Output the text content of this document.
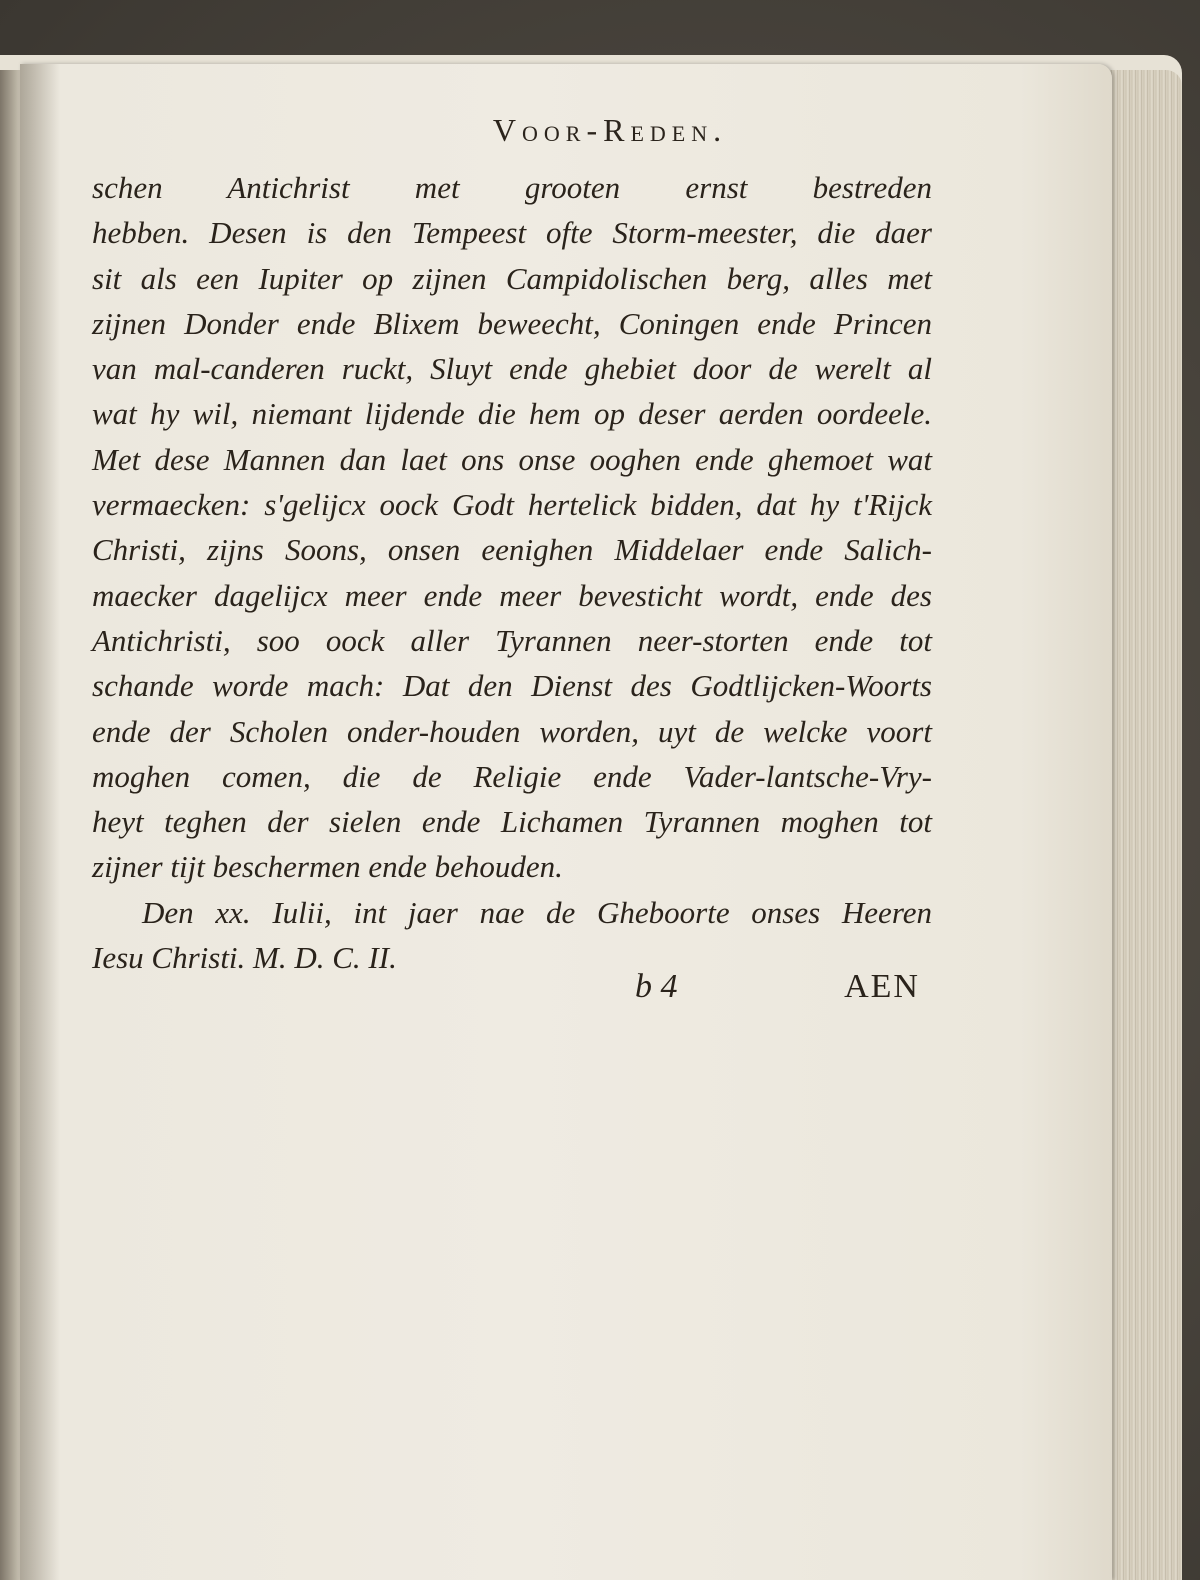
Voor-Reden.
schen Antichrist met grooten ernst bestreden
hebben. Desen is den Tempeest ofte Storm-meester, die daer
sit als een Iupiter op zijnen Campidolischen berg, alles met
zijnen Donder ende Blixem beweecht, Coningen ende Princen
van mal-canderen ruckt, Sluyt ende ghebiet door de werelt al
wat hy wil, niemant lijdende die hem op deser aerden oordeele.
Met dese Mannen dan laet ons onse ooghen ende ghemoet wat
vermaecken: s'gelijcx oock Godt hertelick bidden, dat hy t'Rijck
Christi, zijns Soons, onsen eenighen Middelaer ende Salich-
maecker dagelijcx meer ende meer bevesticht wordt, ende des
Antichristi, soo oock aller Tyrannen neer-storten ende tot
schande worde mach: Dat den Dienst des Godtlijcken-Woorts
ende der Scholen onder-houden worden, uyt de welcke voort
moghen comen, die de Religie ende Vader-lantsche-Vry-
heyt teghen der sielen ende Lichamen Tyrannen moghen tot
zijner tijt beschermen ende behouden.
Den xx. Iulii, int jaer nae de Gheboorte onses Heeren
Iesu Christi. M. D. C. II.
b 4	AEN
